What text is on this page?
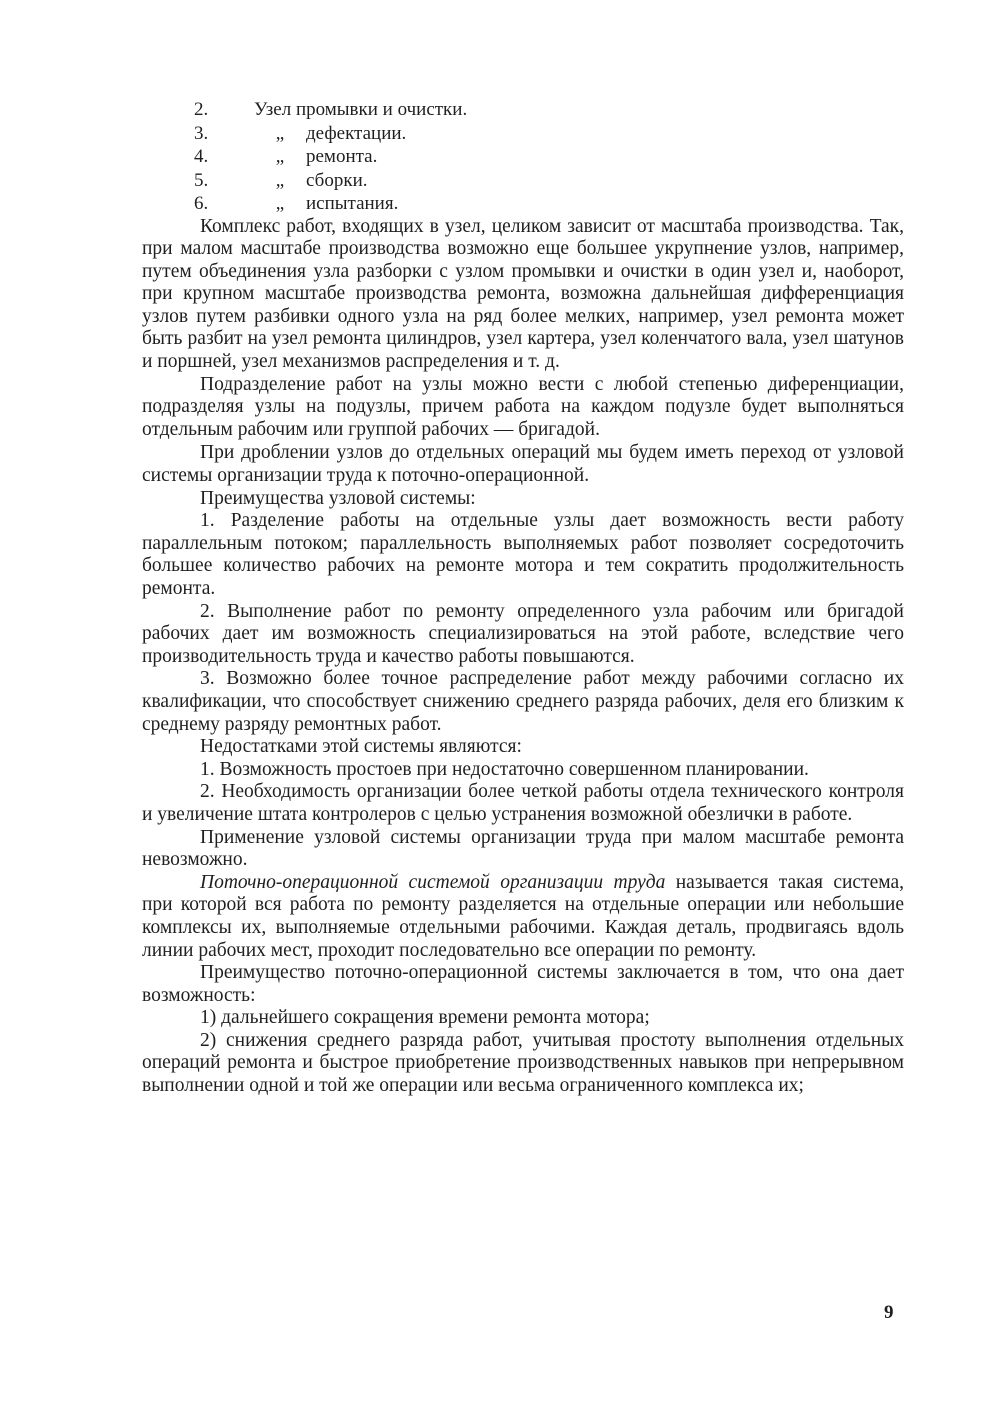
2.	Узел промывки и очистки.
3.	„	дефектации.
4.	„	ремонта.
5.	„	сборки.
6.	„	испытания.

Комплекс работ, входящих в узел, целиком зависит от масштаба производства. Так, при малом масштабе производства возможно еще большее укрупнение узлов, например, путем объединения узла разборки с узлом промывки и очистки в один узел и, наоборот, при крупном масштабе производства ремонта, возможна дальнейшая дифференциация узлов путем разбивки одного узла на ряд более мелких, например, узел ремонта может быть разбит на узел ремонта цилиндров, узел картера, узел коленчатого вала, узел шатунов и поршней, узел механизмов распределения и т. д.

Подразделение работ на узлы можно вести с любой степенью диференциации, подразделяя узлы на подузлы, причем работа на каждом подузле будет выполняться отдельным рабочим или группой рабочих — бригадой.

При дроблении узлов до отдельных операций мы будем иметь переход от узловой системы организации труда к поточно-операционной.

Преимущества узловой системы:

1. Разделение работы на отдельные узлы дает возможность вести работу параллельным потоком; параллельность выполняемых работ позволяет сосредоточить большее количество рабочих на ремонте мотора и тем сократить продолжительность ремонта.

2. Выполнение работ по ремонту определенного узла рабочим или бригадой рабочих дает им возможность специализироваться на этой работе, вследствие чего производительность труда и качество работы повышаются.

3. Возможно более точное распределение работ между рабочими согласно их квалификации, что способствует снижению среднего разряда рабочих, деля его близким к среднему разряду ремонтных работ.

Недостатками этой системы являются:

1. Возможность простоев при недостаточно совершенном планировании.

2. Необходимость организации более четкой работы отдела технического контроля и увеличение штата контролеров с целью устранения возможной обезлички в работе.

Применение узловой системы организации труда при малом масштабе ремонта невозможно.

Поточно-операционной системой организации труда называется такая система, при которой вся работа по ремонту разделяется на отдельные операции или небольшие комплексы их, выполняемые отдельными рабочими. Каждая деталь, продвигаясь вдоль линии рабочих мест, проходит последовательно все операции по ремонту.

Преимущество поточно-операционной системы заключается в том, что она дает возможность:

1) дальнейшего сокращения времени ремонта мотора;

2) снижения среднего разряда работ, учитывая простоту выполнения отдельных операций ремонта и быстрое приобретение производственных навыков при непрерывном выполнении одной и той же операции или весьма ограниченного комплекса их;

9
